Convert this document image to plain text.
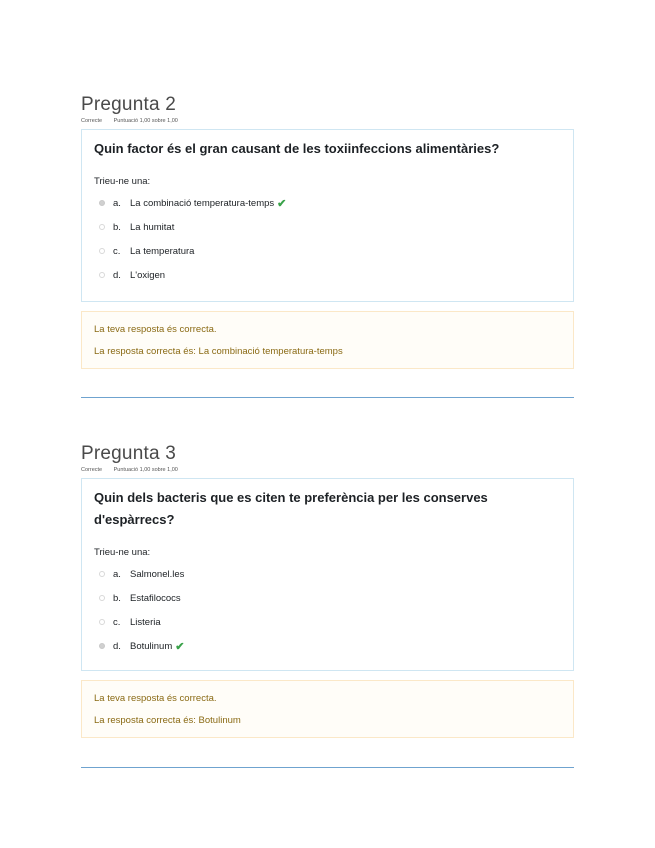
Pregunta 2
Correcte Puntuació 1,00 sobre 1,00

Quin factor és el gran causant de les toxiinfeccions alimentàries?

Trieu-ne una:
a. La combinació temperatura-temps ✔
b. La humitat
c.	La temperatura
d. L'oxigen
La teva resposta és correcta.
La resposta correcta és: La combinació temperatura-temps
Pregunta 3
Correcte Puntuació 1,00 sobre 1,00

Quin dels bacteris que es citen te preferència per les conserves d'espàrrecs?

Trieu-ne una:
a. Salmonel.les
b. Estafilococs
c.	Listeria
d. Botulinum ✔
La teva resposta és correcta.
La resposta correcta és: Botulinum
